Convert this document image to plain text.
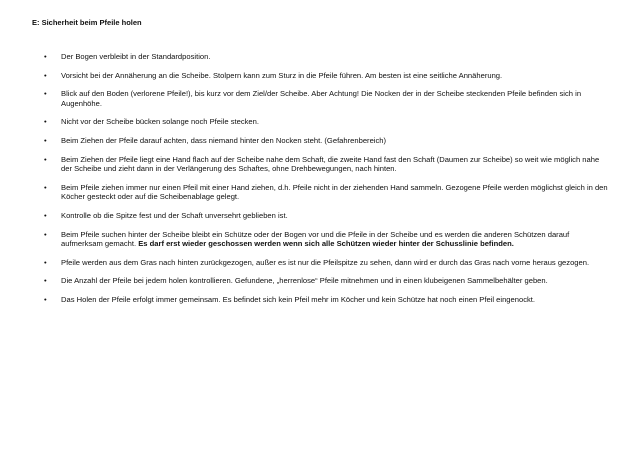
E: Sicherheit beim Pfeile holen
• Der Bogen verbleibt in der Standardposition.
• Vorsicht bei der Annäherung an die Scheibe. Stolpern kann zum Sturz in die Pfeile führen. Am besten ist eine seitliche Annäherung.
• Blick auf den Boden (verlorene Pfeile!), bis kurz vor dem Ziel/der Scheibe. Aber Achtung! Die Nocken der in der Scheibe steckenden Pfeile befinden sich in Augenhöhe.
• Nicht vor der Scheibe bücken solange noch Pfeile stecken.
• Beim Ziehen der Pfeile darauf achten, dass niemand hinter den Nocken steht. (Gefahrenbereich)
• Beim Ziehen der Pfeile liegt eine Hand flach auf der Scheibe nahe dem Schaft, die zweite Hand fast den Schaft (Daumen zur Scheibe) so weit wie möglich nahe der Scheibe und zieht dann in der Verlängerung des Schaftes, ohne Drehbewegungen, nach hinten.
• Beim Pfeile ziehen immer nur einen Pfeil mit einer Hand ziehen, d.h. Pfeile nicht in der ziehenden Hand sammeln. Gezogene Pfeile werden möglichst gleich in den Köcher gesteckt oder auf die Scheibenablage gelegt.
• Kontrolle ob die Spitze fest und der Schaft unversehrt geblieben ist.
• Beim Pfeile suchen hinter der Scheibe bleibt ein Schütze oder der Bogen vor und die Pfeile in der Scheibe und es werden die anderen Schützen darauf aufmerksam gemacht. Es darf erst wieder geschossen werden wenn sich alle Schützen wieder hinter der Schusslinie befinden.
• Pfeile werden aus dem Gras nach hinten zurückgezogen, außer es ist nur die Pfeilspitze zu sehen, dann wird er durch das Gras nach vorne heraus gezogen.
• Die Anzahl der Pfeile bei jedem holen kontrollieren. Gefundene, „herrenlose“ Pfeile mitnehmen und in einen klubeigenen Sammelbehälter geben.
• Das Holen der Pfeile erfolgt immer gemeinsam. Es befindet sich kein Pfeil mehr im Köcher und kein Schütze hat noch einen Pfeil eingenockt.
